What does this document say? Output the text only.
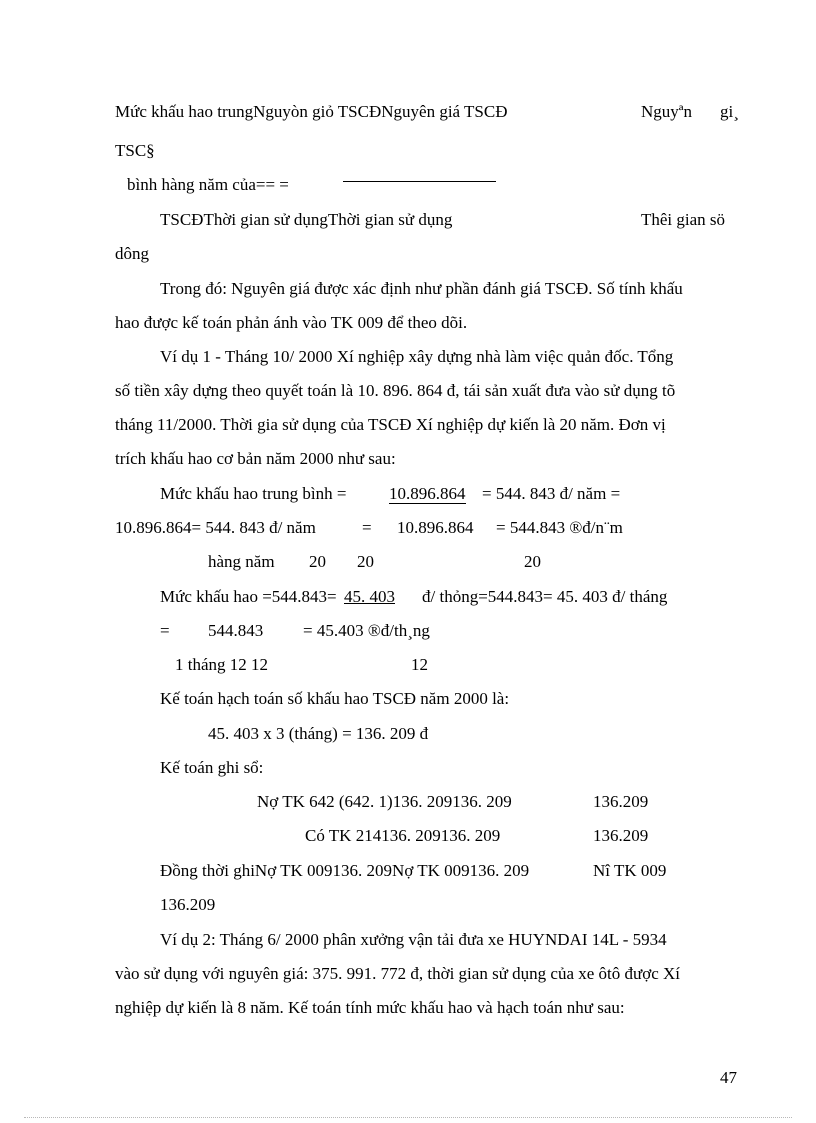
Mức khấu hao trungNguyòn giỏ TSCĐNguyên giá TSCĐ	Nguyªn gi¸
TSC§
bình hàng năm của== =
TSCĐThời gian sử dụngThời gian sử dụng	Thêi gian sö
dông
Trong đó: Nguyên giá được xác định như phần đánh giá TSCĐ. Số tính khấu
hao được kế toán phản ánh vào TK 009 để theo dõi.
Ví dụ 1 - Tháng 10/ 2000 Xí nghiệp xây dựng nhà làm việc quản đốc. Tổng
số tiền xây dựng theo quyết toán là 10. 896. 864 đ, tái sản xuất đưa vào sử dụng tõ
tháng 11/2000. Thời gia sử dụng của TSCĐ Xí nghiệp dự kiến là 20 năm. Đơn vị
trích khấu hao cơ bản năm 2000 như sau:
Mức khấu hao trung bình =	10.896.864 = 544. 843 đ/ năm =
10.896.864= 544. 843 đ/ năm	= 10.896.864 = 544.843 ®đ/n¨m
hàng năm 20 20	20
Mức khấu hao =544.843= 45. 403 đ/ thỏng=544.843= 45. 403 đ/ tháng
= 544.843 = 45.403 ®đ/th¸ng
1 tháng 12 12	12
Kế toán hạch toán số khấu hao TSCĐ năm 2000 là:
45. 403 x 3 (tháng) = 136. 209 đ
Kế toán ghi sổ:
Nợ TK 642 (642. 1)136. 209136. 209	136.209
Có TK 214136. 209136. 209	136.209
Đồng thời ghiNợ TK 009136. 209Nợ TK 009136. 209	Nî TK 009
136.209
Ví dụ 2: Tháng 6/ 2000 phân xưởng vận tải đưa xe HUYNDAI 14L - 5934
vào sử dụng với nguyên giá: 375. 991. 772 đ, thời gian sử dụng của xe ôtô được Xí
nghiệp dự kiến là 8 năm. Kế toán tính mức khấu hao và hạch toán như sau:
47
